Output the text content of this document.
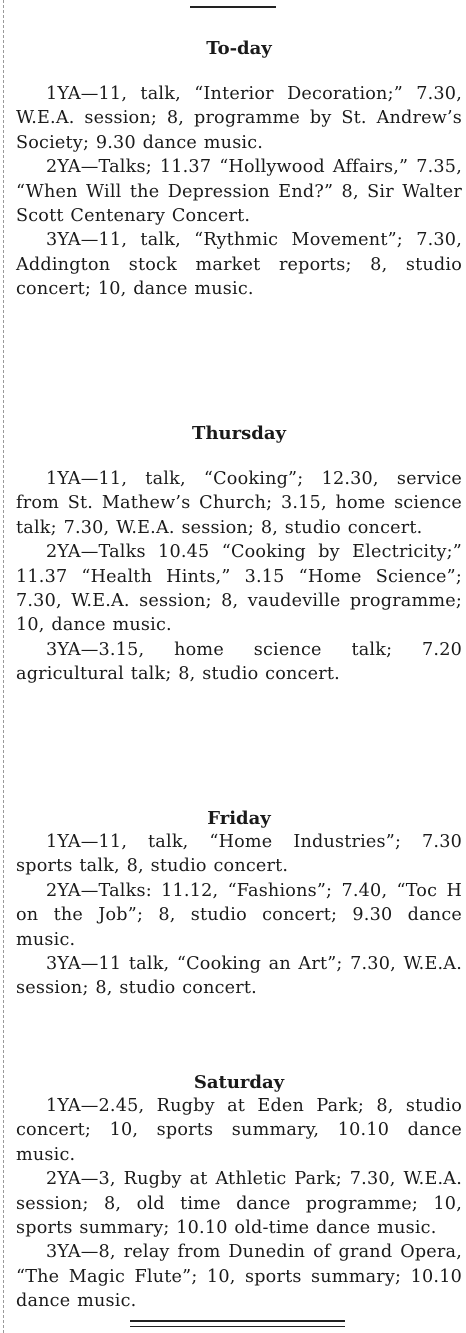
To-day

1YA—11, talk, “Interior Decoration;” 7.30, W.E.A. session; 8, programme by St. Andrew’s Society; 9.30 dance music.

2YA—Talks; 11.37 “Hollywood Affairs,” 7.35, “When Will the Depression End?” 8, Sir Walter Scott Centenary Concert.

3YA—11, talk, “Rythmic Movement”; 7.30, Addington stock market reports; 8, studio concert; 10, dance music.

Thursday

1YA—11, talk, “Cooking”; 12.30, service from St. Mathew’s Church; 3.15, home science talk; 7.30, W.E.A. session; 8, studio concert.

2YA—Talks 10.45 “Cooking by Electricity;” 11.37 “Health Hints,” 3.15 “Home Science”; 7.30, W.E.A. session; 8, vaudeville programme; 10, dance music.

3YA—3.15, home science talk; 7.20 agricultural talk; 8, studio concert.

Friday

1YA—11, talk, “Home Industries”; 7.30 sports talk, 8, studio concert.

2YA—Talks: 11.12, “Fashions”; 7.40, “Toc H on the Job”; 8, studio concert; 9.30 dance music.

3YA—11 talk, “Cooking an Art”; 7.30, W.E.A. session; 8, studio concert.

Saturday

1YA—2.45, Rugby at Eden Park; 8, studio concert; 10, sports summary, 10.10 dance music.

2YA—3, Rugby at Athletic Park; 7.30, W.E.A. session; 8, old time dance programme; 10, sports summary; 10.10 old-time dance music.

3YA—8, relay from Dunedin of grand Opera, “The Magic Flute”; 10, sports summary; 10.10 dance music.
